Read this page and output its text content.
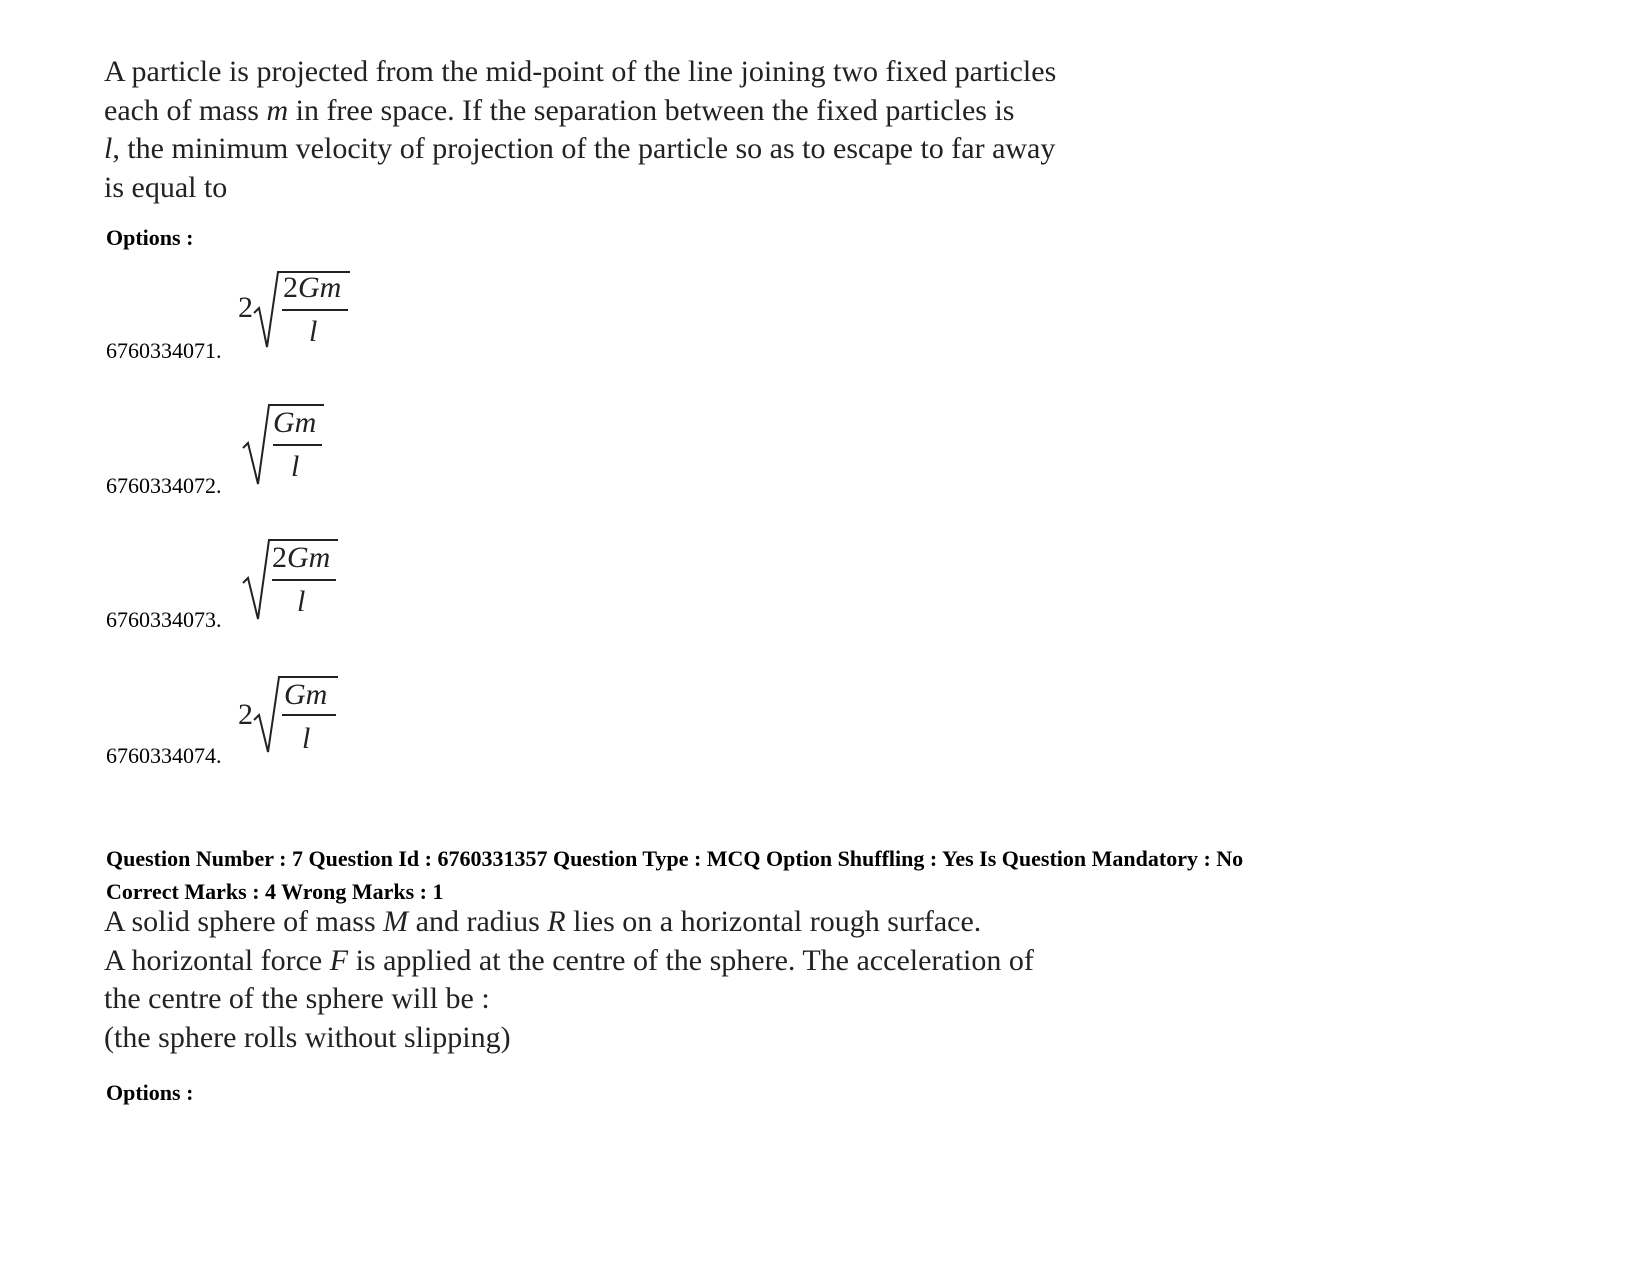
A particle is projected from the mid-point of the line joining two fixed particles
each of mass m in free space. If the separation between the fixed particles is
l, the minimum velocity of projection of the particle so as to escape to far away
is equal to
Options :
6760334071.
2
2Gm
l
6760334072.
Gm
l
6760334073.
2Gm
l
6760334074.
2
Gm
l
Question Number : 7 Question Id : 6760331357 Question Type : MCQ Option Shuffling : Yes Is Question Mandatory : No
Correct Marks : 4 Wrong Marks : 1
A solid sphere of mass M and radius R lies on a horizontal rough surface.
A horizontal force F is applied at the centre of the sphere. The acceleration of
the centre of the sphere will be :
(the sphere rolls without slipping)
Options :
